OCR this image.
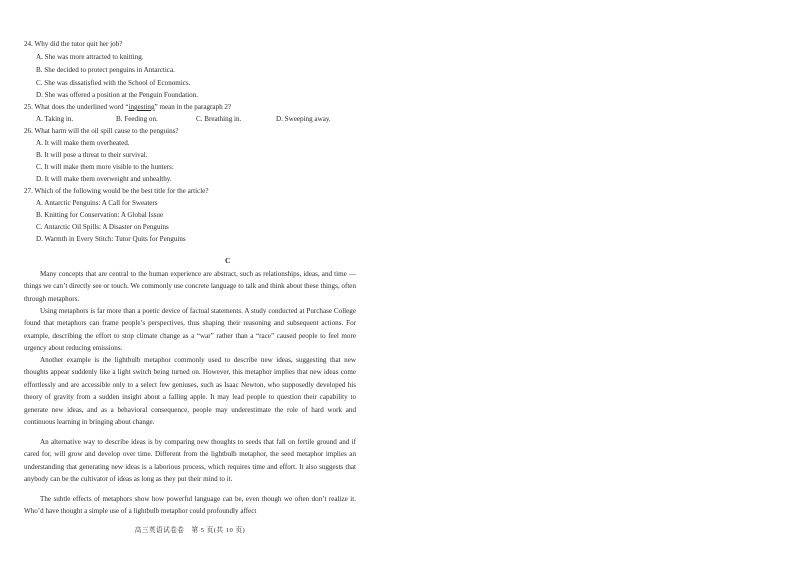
24. Why did the tutor quit her job?
A. She was more attracted to knitting.
B. She decided to protect penguins in Antarctica.
C. She was dissatisfied with the School of Economics.
D. She was offered a position at the Penguin Foundation.
25. What does the underlined word “ingesting” mean in the paragraph 2?
A. Taking in.	B. Feeding on.	C. Breathing in.	D. Sweeping away.
26. What harm will the oil spill cause to the penguins?
A. It will make them overheated.
B. It will pose a threat to their survival.
C. It will make them more visible to the hunters.
D. It will make them overweight and unhealthy.
27. Which of the following would be the best title for the article?
A. Antarctic Penguins: A Call for Sweaters
B. Knitting for Conservation: A Global Issue
C. Antarctic Oil Spills: A Disaster on Penguins
D. Warmth in Every Stitch: Tutor Quits for Penguins
C
Many concepts that are central to the human experience are abstract, such as relationships, ideas, and time — things we can’t directly see or touch. We commonly use concrete language to talk and think about these things, often through metaphors.
Using metaphors is far more than a poetic device of factual statements. A study conducted at Purchase College found that metaphors can frame people’s perspectives, thus shaping their reasoning and subsequent actions. For example, describing the effort to stop climate change as a “war” rather than a “race” caused people to feel more urgency about reducing emissions.
Another example is the lightbulb metaphor commonly used to describe new ideas, suggesting that new thoughts appear suddenly like a light switch being turned on. However, this metaphor implies that new ideas come effortlessly and are accessible only to a select few geniuses, such as Isaac Newton, who supposedly developed his theory of gravity from a sudden insight about a falling apple. It may lead people to question their capability to generate new ideas, and as a behavioral consequence, people may underestimate the role of hard work and continuous learning in bringing about change.
An alternative way to describe ideas is by comparing new thoughts to seeds that fall on fertile ground and if cared for, will grow and develop over time. Different from the lightbulb metaphor, the seed metaphor implies an understanding that generating new ideas is a laborious process, which requires time and effort. It also suggests that anybody can be the cultivator of ideas as long as they put their mind to it.
The subtle effects of metaphors show how powerful language can be, even though we often don’t realize it. Who’d have thought a simple use of a lightbulb metaphor could profoundly affect
高三英语试卷卷　第 5 页(共 10 页)
